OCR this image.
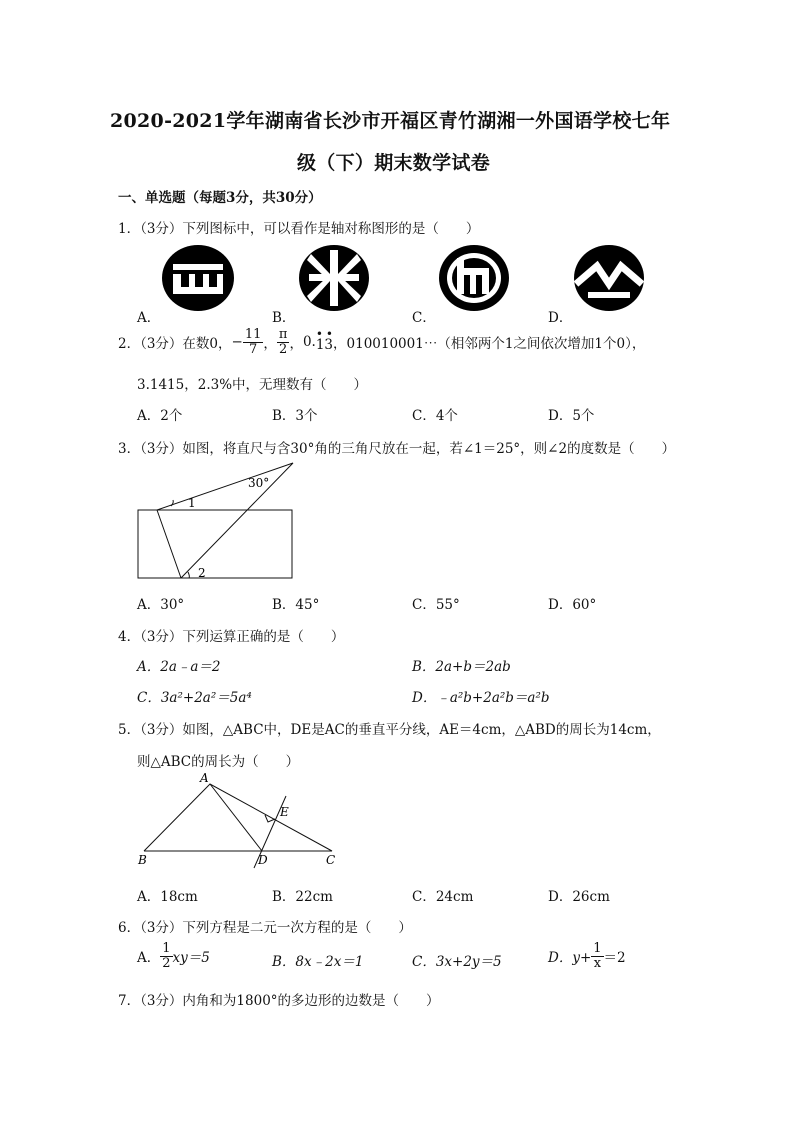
2020-2021学年湖南省长沙市开福区青竹湖湘一外国语学校七年
级（下）期末数学试卷
一、单选题（每题3分，共30分）
1．（3分）下列图标中，可以看作是轴对称图形的是（　　）
A．	B．	C．	D．
2．（3分）在数0， − $\frac{11}{7}$ ， $\frac{\pi}{2}$ ， 0. ••
13 ，010010001⋯（相邻两个1之间依次增加1个0），
3.1415，2.3%中，无理数有（　　）
A．2个	B．3个	C．4个	D．5个
3．（3分）如图，将直尺与含30°角的三角尺放在一起，若∠1＝25°，则∠2的度数是（　　）
30°
1
2
A．30°	B．45°	C．55°	D．60°
4．（3分）下列运算正确的是（　　）
A．2a﹣a＝2	B．2a+b＝2ab
C．3a²+2a²＝5a⁴	D．﹣a²b+2a²b＝a²b
5．（3分）如图，△ABC中，DE是AC的垂直平分线，AE＝4cm，△ABD的周长为14cm，
则△ABC的周长为（　　）
A
B	C
D
E
A．18cm	B．22cm	C．24cm	D．26cm
6．（3分）下列方程是二元一次方程的是（　　）
A． $\frac{1}{2} xy=5$	B．8x﹣2x＝1	C．3x+2y＝5	D．$y+ \frac{1}{x} =2$
7．（3分）内角和为1800°的多边形的边数是（　　）
